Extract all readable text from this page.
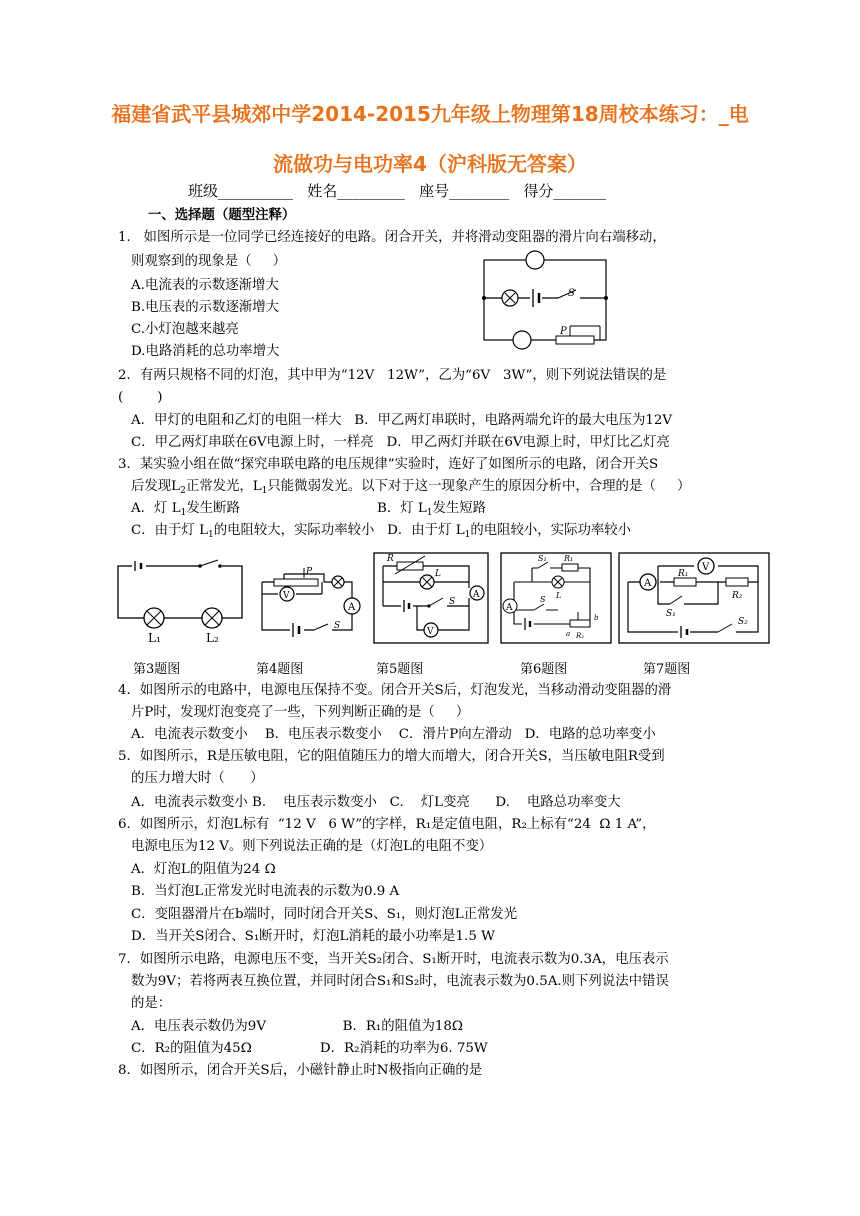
福建省武平县城郊中学2014-2015九年级上物理第18周校本练习：_电
流做功与电功率4（沪科版无答案）
班级__________   姓名_________   座号________   得分_______
一、选择题（题型注释）
1.   如图所示是一位同学已经连接好的电路。闭合开关，并将滑动变阻器的滑片向右端移动，
则观察到的现象是（     ）
A.电流表的示数逐渐增大
B.电压表的示数逐渐增大
C.小灯泡越来越亮
D.电路消耗的总功率增大
S
P
2．有两只规格不同的灯泡，其中甲为“12V   12W”，乙为“6V   3W”，则下列说法错误的是
(        )
A．甲灯的电阻和乙灯的电阻一样大   B．甲乙两灯串联时，电路两端允许的最大电压为12V
C．甲乙两灯串联在6V电源上时，一样亮   D．甲乙两灯并联在6V电源上时，甲灯比乙灯亮
3．某实验小组在做“探究串联电路的电压规律”实验时，连好了如图所示的电路，闭合开关S
后发现$L_2$正常发光，$L_1$只能微弱发光。以下对于这一现象产生的原因分析中，合理的是（     ）
A．灯 $L_1$发生断路	B．灯 $L_1$发生短路
C．由于灯 $L_1$的电阻较大，实际功率较小   D．由于灯 $L_1$的电阻较小，实际功率较小
L₁	L₂
P
V
A
S
R
L
A
S
V
S₁ R₁
L
A
S
a R₂
b
A
V
R₁
R₂
S₁
S₂
第3题图	第4题图	第5题图	第6题图	第7题图
4．如图所示的电路中，电源电压保持不变。闭合开关S后，灯泡发光，当移动滑动变阻器的滑
片P时，发现灯泡变亮了一些，下列判断正确的是（     ）
A．电流表示数变小    B．电压表示数变小    C．滑片P向左滑动   D．电路的总功率变小
5．如图所示，R是压敏电阻，它的阻值随压力的增大而增大，闭合开关S，当压敏电阻R受到
的压力增大时（      ）
A．电流表示数变小 B.    电压表示数变小   C.    灯L变亮      D.    电路总功率变大
6．如图所示，灯泡L标有  “12 V   6 W”的字样，R₁是定值电阻，R₂上标有“24  Ω 1 A”，
电源电压为12 V。则下列说法正确的是（灯泡L的电阻不变）
A．灯泡L的阻值为24 Ω
B．当灯泡L正常发光时电流表的示数为0.9 A
C．变阻器滑片在b端时，同时闭合开关S、S₁，则灯泡L正常发光
D．当开关S闭合、S₁断开时，灯泡L消耗的最小功率是1.5 W
7．如图所示电路，电源电压不变，当开关S₂闭合、S₁断开时，电流表示数为0.3A，电压表示
数为9V；若将两表互换位置，并同时闭合S₁和S₂时，电流表示数为0.5A.则下列说法中错误
的是：
A．电压表示数仍为9V                  B．R₁的阻值为18Ω
C．R₂的阻值为45Ω                D．R₂消耗的功率为6. 75W
8．如图所示，闭合开关S后，小磁针静止时N极指向正确的是
